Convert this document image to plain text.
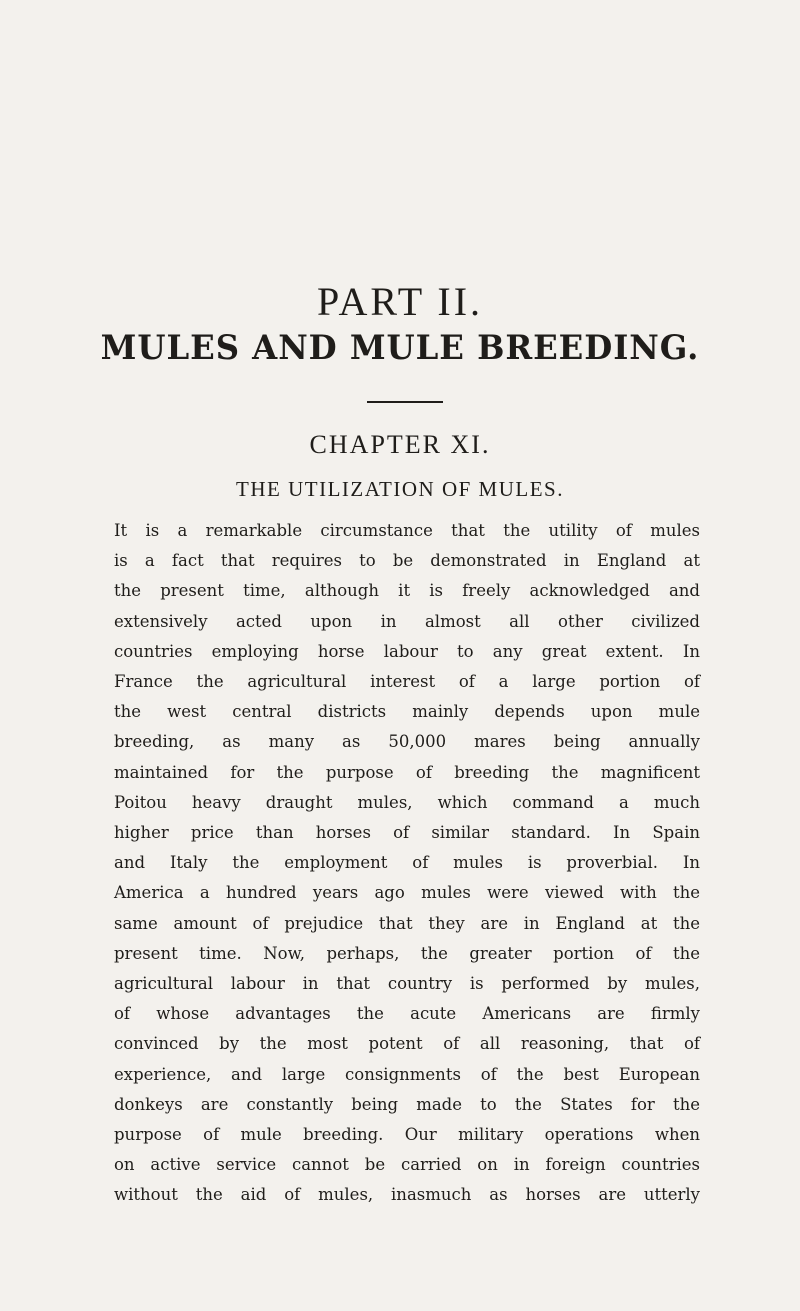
PART II.
MULES AND MULE BREEDING.
CHAPTER XI.
THE UTILIZATION OF MULES.
It is a remarkable circumstance that the utility of mules
is a fact that requires to be demonstrated in England at
the present time, although it is freely acknowledged and
extensively acted upon in almost all other civilized
countries employing horse labour to any great extent. In
France the agricultural interest of a large portion of
the west central districts mainly depends upon mule
breeding, as many as 50,000 mares being annually
maintained for the purpose of breeding the magnificent
Poitou heavy draught mules, which command a much
higher price than horses of similar standard. In Spain
and Italy the employment of mules is proverbial. In
America a hundred years ago mules were viewed with the
same amount of prejudice that they are in England at the
present time. Now, perhaps, the greater portion of the
agricultural labour in that country is performed by mules,
of whose advantages the acute Americans are firmly
convinced by the most potent of all reasoning, that of
experience, and large consignments of the best European
donkeys are constantly being made to the States for the
purpose of mule breeding. Our military operations when
on active service cannot be carried on in foreign countries
without the aid of mules, inasmuch as horses are utterly
